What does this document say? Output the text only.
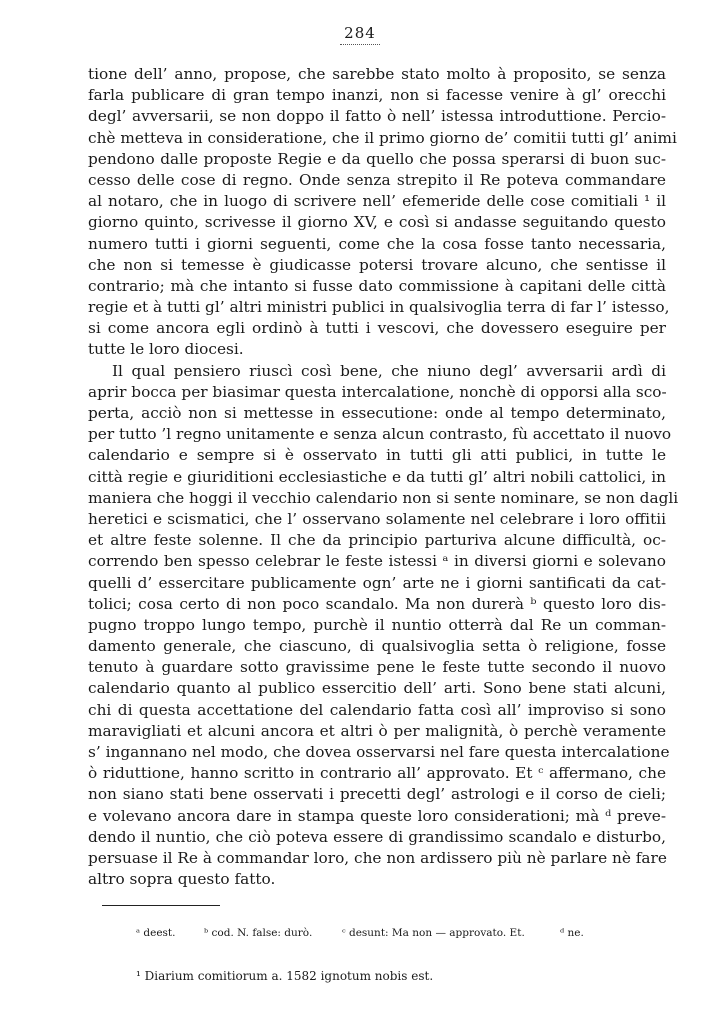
284
tione dell’ anno, propose, che sarebbe stato molto à proposito, se senza
farla publicare di gran tempo inanzi, non si facesse venire à gl’ orecchi
degl’ avversarii, se non doppo il fatto ò nell’ istessa introduttione. Percio-
chè metteva in consideratione, che il primo giorno de’ comitii tutti gl’ animi
pendono dalle proposte Regie e da quello che possa sperarsi di buon suc-
cesso delle cose di regno. Onde senza strepito il Re poteva commandare
al notaro, che in luogo di scrivere nell’ efemeride delle cose comitiali ¹ il
giorno quinto, scrivesse il giorno XV, e così si andasse seguitando questo
numero tutti i giorni seguenti, come che la cosa fosse tanto necessaria,
che non si temesse è giudicasse potersi trovare alcuno, che sentisse il
contrario; mà che intanto si fusse dato commissione à capitani delle città
regie et à tutti gl’ altri ministri publici in qualsivoglia terra di far l’ istesso,
si come ancora egli ordinò à tutti i vescovi, che dovessero eseguire per
tutte le loro diocesi.
Il qual pensiero riuscì così bene, che niuno degl’ avversarii ardì di
aprir bocca per biasimar questa intercalatione, nonchè di opporsi alla sco-
perta, acciò non si mettesse in essecutione: onde al tempo determinato,
per tutto ’l regno unitamente e senza alcun contrasto, fù accettato il nuovo
calendario e sempre si è osservato in tutti gli atti publici, in tutte le
città regie e giuriditioni ecclesiastiche e da tutti gl’ altri nobili cattolici, in
maniera che hoggi il vecchio calendario non si sente nominare, se non dagli
heretici e scismatici, che l’ osservano solamente nel celebrare i loro offitii
et altre feste solenne. Il che da principio parturiva alcune difficultà, oc-
correndo ben spesso celebrar le feste istessi ᵃ in diversi giorni e solevano
quelli d’ essercitare publicamente ogn’ arte ne i giorni santificati da cat-
tolici; cosa certo di non poco scandalo. Ma non durerà ᵇ questo loro dis-
pugno troppo lungo tempo, purchè il nuntio otterrà dal Re un comman-
damento generale, che ciascuno, di qualsivoglia setta ò religione, fosse
tenuto à guardare sotto gravissime pene le feste tutte secondo il nuovo
calendario quanto al publico essercitio dell’ arti. Sono bene stati alcuni,
chi di questa accettatione del calendario fatta così all’ improviso si sono
maravigliati et alcuni ancora et altri ò per malignità, ò perchè veramente
s’ ingannano nel modo, che dovea osservarsi nel fare questa intercalatione
ò riduttione, hanno scritto in contrario all’ approvato. Et ᶜ affermano, che
non siano stati bene osservati i precetti degl’ astrologi e il corso de cieli;
e volevano ancora dare in stampa queste loro considerationi; mà ᵈ preve-
dendo il nuntio, che ciò poteva essere di grandissimo scandalo e disturbo,
persuase il Re à commandar loro, che non ardissero più nè parlare nè fare
altro sopra questo fatto.
ᵃ deest.	ᵇ cod. N. false: durò.	ᶜ desunt: Ma non — approvato. Et.	ᵈ ne.
¹ Diarium comitiorum a. 1582 ignotum nobis est.
